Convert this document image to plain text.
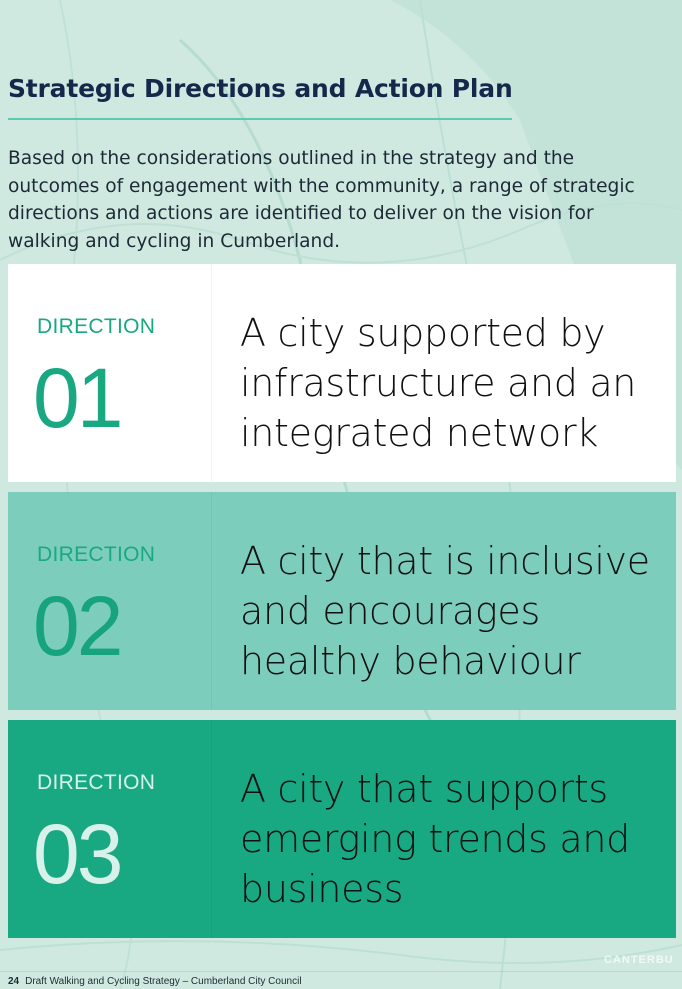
Strategic Directions and Action Plan

Based on the considerations outlined in the strategy and the outcomes of engagement with the community, a range of strategic directions and actions are identified to deliver on the vision for walking and cycling in Cumberland.

DIRECTION
01

A city supported by infrastructure and an integrated network

DIRECTION
02

A city that is inclusive and encourages healthy behaviour

DIRECTION
03

A city that supports emerging trends and business

CANTERBU
24 Draft Walking and Cycling Strategy – Cumberland City Council
